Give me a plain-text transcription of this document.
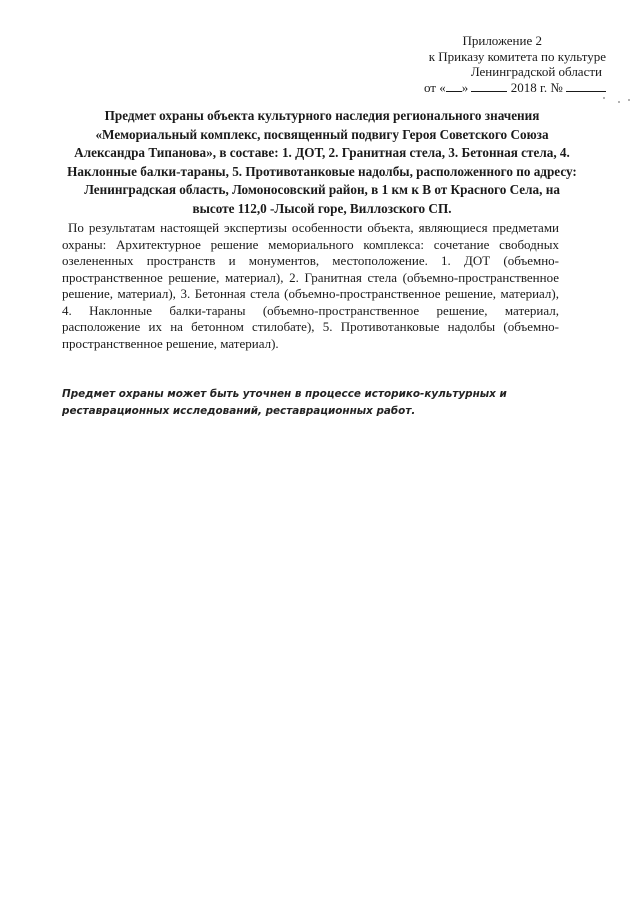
Приложение 2
к Приказу комитета по культуре
Ленинградской области
от « »	2018 г. №
Предмет охраны объекта культурного наследия регионального значения «Мемориальный комплекс, посвященный подвигу Героя Советского Союза Александра Типанова», в составе: 1. ДОТ, 2. Гранитная стела, 3. Бетонная стела, 4. Наклонные балки-тараны, 5. Противотанковые надолбы, расположенного по адресу: Ленинградская область, Ломоносовский район, в 1 км к В от Красного Села, на высоте 112,0 -Лысой горе, Виллозского СП.
По результатам настоящей экспертизы особенности объекта, являющиеся предметами охраны: Архитектурное решение мемориального комплекса: сочетание свободных озелененных пространств и монументов, местоположение. 1. ДОТ (объемно-пространственное решение, материал), 2. Гранитная стела (объемно-пространственное решение, материал), 3. Бетонная стела (объемно-пространственное решение, материал), 4. Наклонные балки-тараны (объемно-пространственное решение, материал, расположение их на бетонном стилобате), 5. Противотанковые надолбы (объемно-пространственное решение, материал).
Предмет охраны может быть уточнен в процессе историко-культурных и реставрационных исследований, реставрационных работ.
